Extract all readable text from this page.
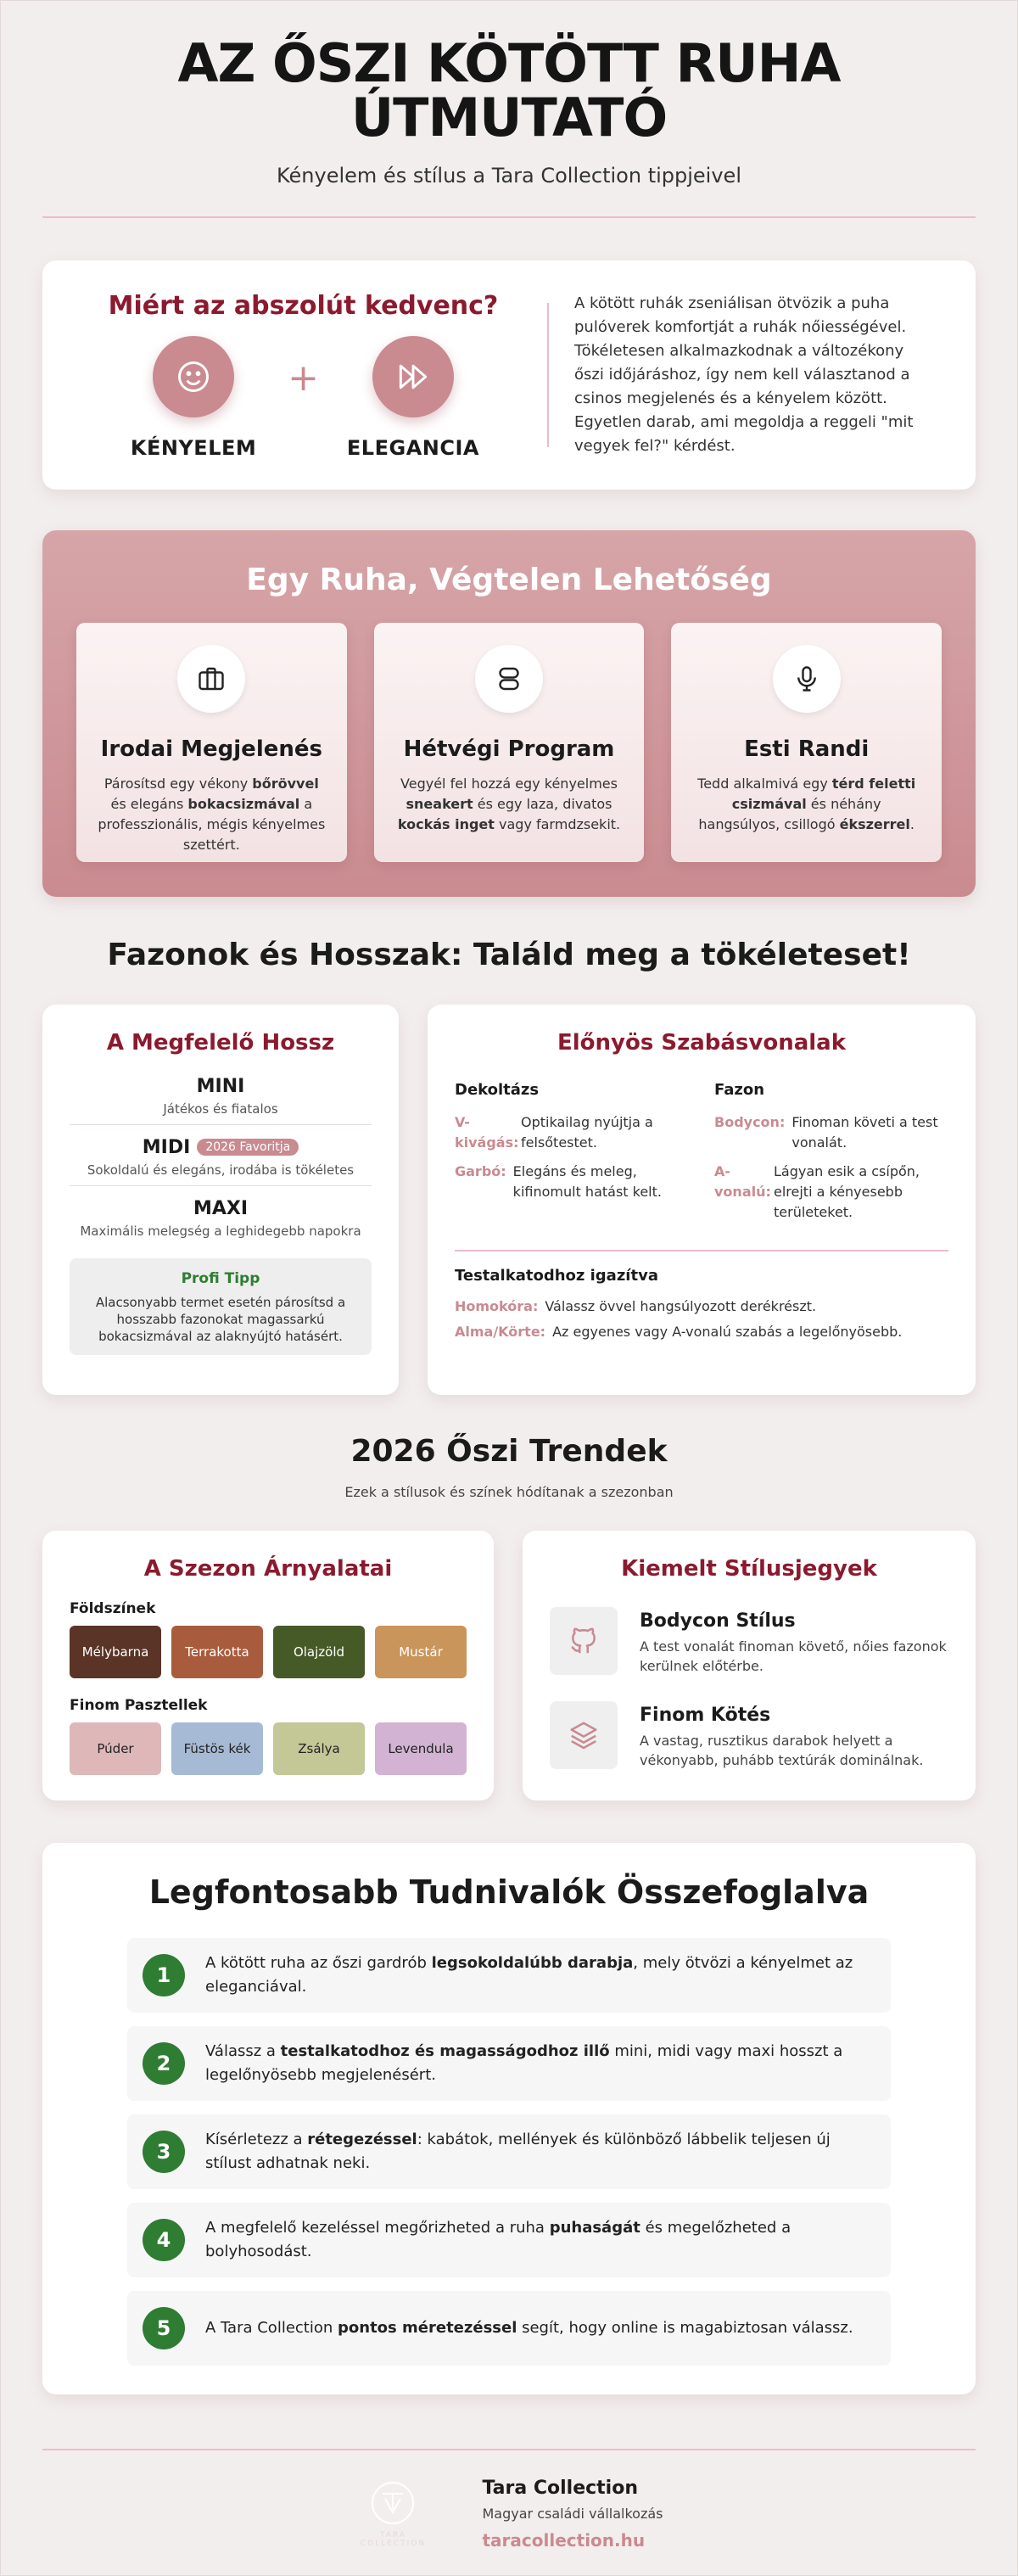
AZ ŐSZI KÖTÖTT RUHA ÚTMUTATÓ
Kényelem és stílus a Tara Collection tippjeivel
Miért az abszolút kedvenc?
KÉNYELEM
+
ELEGANCIA

A kötött ruhák zseniálisan ötvözik a puha pulóverek komfortját a ruhák nőiességével. Tökéletesen alkalmazkodnak a változékony őszi időjáráshoz, így nem kell választanod a csinos megjelenés és a kényelem között. Egyetlen darab, ami megoldja a reggeli "mit vegyek fel?" kérdést.

Egy Ruha, Végtelen Lehetőség
Irodai Megjelenés

Párosítsd egy vékony bőrövvel és elegáns bokacsizmával a professzionális, mégis kényelmes szettért.

Hétvégi Program

Vegyél fel hozzá egy kényelmes sneakert és egy laza, divatos kockás inget vagy farmdzsekit.

Esti Randi

Tedd alkalmivá egy térd feletti csizmával és néhány hangsúlyos, csillogó ékszerrel.

Fazonok és Hosszak: Találd meg a tökéleteset!
A Megfelelő Hossz
MINI
Játékos és fiatalos
MIDI 2026 Favoritja
Sokoldalú és elegáns, irodába is tökéletes
MAXI
Maximális melegség a leghidegebb napokra
Profi Tipp
Alacsonyabb termet esetén párosítsd a hosszabb fazonokat magassarkú bokacsizmával az alaknyújtó hatásért.
Előnyös Szabásvonalak
Dekoltázs
V-kivágás:
Optikailag nyújtja a felsőtestet.
Garbó: Elegáns és meleg, kifinomult hatást kelt.
Fazon
Bodycon: Finoman követi a test vonalát.
A-vonalú:
Lágyan esik a csípőn, elrejti a kényesebb területeket.
Testalkatodhoz igazítva
Homokóra: Válassz övvel hangsúlyozott derékrészt.
Alma/Körte: Az egyenes vagy A-vonalú szabás a legelőnyösebb.
2026 Őszi Trendek
Ezek a stílusok és színek hódítanak a szezonban
A Szezon Árnyalatai
Földszínek
Mélybarna	Terrakotta	Olajzöld	Mustár
Finom Pasztellek
Púder	Füstös kék	Zsálya	Levendula
Kiemelt Stílusjegyek
Bodycon Stílus
A test vonalát finoman követő, nőies fazonok kerülnek előtérbe.
Finom Kötés
A vastag, rusztikus darabok helyett a vékonyabb, puhább textúrák dominálnak.
Legfontosabb Tudnivalók Összefoglalva
1
A kötött ruha az őszi gardrób legsokoldalúbb darabja, mely ötvözi a kényelmet az eleganciával.
2
Válassz a testalkatodhoz és magasságodhoz illő mini, midi vagy maxi hosszt a legelőnyösebb megjelenésért.
3
Kísérletezz a rétegezéssel: kabátok, mellények és különböző lábbelik teljesen új stílust adhatnak neki.
4
A megfelelő kezeléssel megőrizheted a ruha puhaságát és megelőzheted a bolyhosodást.
5	A Tara Collection pontos méretezéssel segít, hogy online is magabiztosan válassz.
TARA COLLECTION
Tara Collection
Magyar családi vállalkozás
taracollection.hu
